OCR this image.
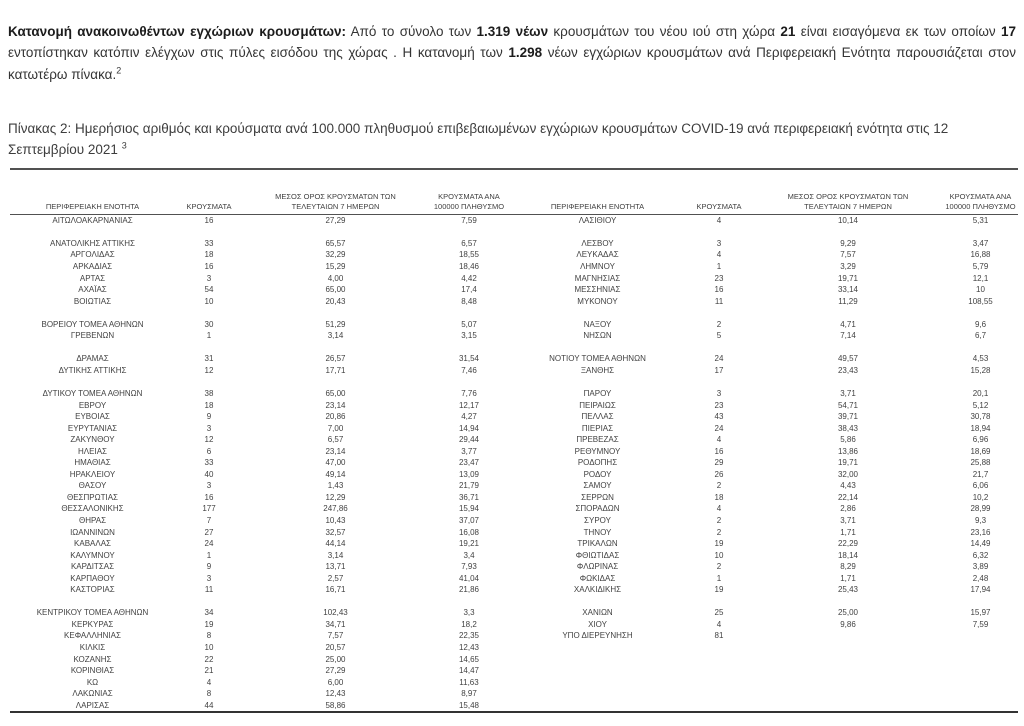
Κατανομή ανακοινωθέντων εγχώριων κρουσμάτων: Από το σύνολο των 1.319 νέων κρουσμάτων του νέου ιού στη χώρα 21 είναι εισαγόμενα εκ των οποίων 17 εντοπίστηκαν κατόπιν ελέγχων στις πύλες εισόδου της χώρας . Η κατανομή των 1.298 νέων εγχώριων κρουσμάτων ανά Περιφερειακή Ενότητα παρουσιάζεται στον κατωτέρω πίνακα.$^2$

Πίνακας 2: Ημερήσιος αριθμός και κρούσματα ανά 100.000 πληθυσμού επιβεβαιωμένων εγχώριων κρουσμάτων COVID-19 ανά περιφερειακή ενότητα στις 12 Σεπτεμβρίου 2021 $^3$

ΠΕΡΙΦΕΡΕΙΑΚΗ ΕΝΟΤΗΤΑ	ΚΡΟΥΣΜΑΤΑ	ΜΕΣΟΣ ΟΡΟΣ ΚΡΟΥΣΜΑΤΩΝ ΤΩΝ ΤΕΛΕΥΤΑΙΩΝ 7 ΗΜΕΡΩΝ	ΚΡΟΥΣΜΑΤΑ ΑΝΑ 100000 ΠΛΗΘΥΣΜΟ	ΠΕΡΙΦΕΡΕΙΑΚΗ ΕΝΟΤΗΤΑ	ΚΡΟΥΣΜΑΤΑ	ΜΕΣΟΣ ΟΡΟΣ ΚΡΟΥΣΜΑΤΩΝ ΤΩΝ ΤΕΛΕΥΤΑΙΩΝ 7 ΗΜΕΡΩΝ	ΚΡΟΥΣΜΑΤΑ ΑΝΑ 100000 ΠΛΗΘΥΣΜΟ
ΑΙΤΩΛΟΑΚΑΡΝΑΝΙΑΣ	16	27,29	7,59	ΛΑΣΙΘΙΟΥ	4	10,14	5,31

ΑΝΑΤΟΛΙΚΗΣ ΑΤΤΙΚΗΣ	33	65,57	6,57	ΛΕΣΒΟΥ	3	9,29	3,47
ΑΡΓΟΛΙΔΑΣ	18	32,29	18,55	ΛΕΥΚΑΔΑΣ	4	7,57	16,88
ΑΡΚΑΔΙΑΣ	16	15,29	18,46	ΛΗΜΝΟΥ	1	3,29	5,79
ΑΡΤΑΣ	3	4,00	4,42	ΜΑΓΝΗΣΙΑΣ	23	19,71	12,1
ΑΧΑΪΑΣ	54	65,00	17,4	ΜΕΣΣΗΝΙΑΣ	16	33,14	10
ΒΟΙΩΤΙΑΣ	10	20,43	8,48	ΜΥΚΟΝΟΥ	11	11,29	108,55

ΒΟΡΕΙΟΥ ΤΟΜΕΑ ΑΘΗΝΩΝ	30	51,29	5,07	ΝΑΞΟΥ	2	4,71	9,6
ΓΡΕΒΕΝΩΝ	1	3,14	3,15	ΝΗΣΩΝ	5	7,14	6,7

ΔΡΑΜΑΣ	31	26,57	31,54	ΝΟΤΙΟΥ ΤΟΜΕΑ ΑΘΗΝΩΝ	24	49,57	4,53
ΔΥΤΙΚΗΣ ΑΤΤΙΚΗΣ	12	17,71	7,46	ΞΑΝΘΗΣ	17	23,43	15,28

ΔΥΤΙΚΟΥ ΤΟΜΕΑ ΑΘΗΝΩΝ	38	65,00	7,76	ΠΑΡΟΥ	3	3,71	20,1
ΕΒΡΟΥ	18	23,14	12,17	ΠΕΙΡΑΙΩΣ	23	54,71	5,12
ΕΥΒΟΙΑΣ	9	20,86	4,27	ΠΕΛΛΑΣ	43	39,71	30,78
ΕΥΡΥΤΑΝΙΑΣ	3	7,00	14,94	ΠΙΕΡΙΑΣ	24	38,43	18,94
ΖΑΚΥΝΘΟΥ	12	6,57	29,44	ΠΡΕΒΕΖΑΣ	4	5,86	6,96
ΗΛΕΙΑΣ	6	23,14	3,77	ΡΕΘΥΜΝΟΥ	16	13,86	18,69
ΗΜΑΘΙΑΣ	33	47,00	23,47	ΡΟΔΟΠΗΣ	29	19,71	25,88
ΗΡΑΚΛΕΙΟΥ	40	49,14	13,09	ΡΟΔΟΥ	26	32,00	21,7
ΘΑΣΟΥ	3	1,43	21,79	ΣΑΜΟΥ	2	4,43	6,06
ΘΕΣΠΡΩΤΙΑΣ	16	12,29	36,71	ΣΕΡΡΩΝ	18	22,14	10,2
ΘΕΣΣΑΛΟΝΙΚΗΣ	177	247,86	15,94	ΣΠΟΡΑΔΩΝ	4	2,86	28,99
ΘΗΡΑΣ	7	10,43	37,07	ΣΥΡΟΥ	2	3,71	9,3
ΙΩΑΝΝΙΝΩΝ	27	32,57	16,08	ΤΗΝΟΥ	2	1,71	23,16
ΚΑΒΑΛΑΣ	24	44,14	19,21	ΤΡΙΚΑΛΩΝ	19	22,29	14,49
ΚΑΛΥΜΝΟΥ	1	3,14	3,4	ΦΘΙΩΤΙΔΑΣ	10	18,14	6,32
ΚΑΡΔΙΤΣΑΣ	9	13,71	7,93	ΦΛΩΡΙΝΑΣ	2	8,29	3,89
ΚΑΡΠΑΘΟΥ	3	2,57	41,04	ΦΩΚΙΔΑΣ	1	1,71	2,48
ΚΑΣΤΟΡΙΑΣ	11	16,71	21,86	ΧΑΛΚΙΔΙΚΗΣ	19	25,43	17,94

ΚΕΝΤΡΙΚΟΥ ΤΟΜΕΑ ΑΘΗΝΩΝ	34	102,43	3,3	ΧΑΝΙΩΝ	25	25,00	15,97
ΚΕΡΚΥΡΑΣ	19	34,71	18,2	ΧΙΟΥ	4	9,86	7,59
ΚΕΦΑΛΛΗΝΙΑΣ	8	7,57	22,35	ΥΠΟ ΔΙΕΡΕΥΝΗΣΗ	81		
ΚΙΛΚΙΣ	10	20,57	12,43				
ΚΟΖΑΝΗΣ	22	25,00	14,65				
ΚΟΡΙΝΘΙΑΣ	21	27,29	14,47				
ΚΩ	4	6,00	11,63				
ΛΑΚΩΝΙΑΣ	8	12,43	8,97				
ΛΑΡΙΣΑΣ	44	58,86	15,48				
